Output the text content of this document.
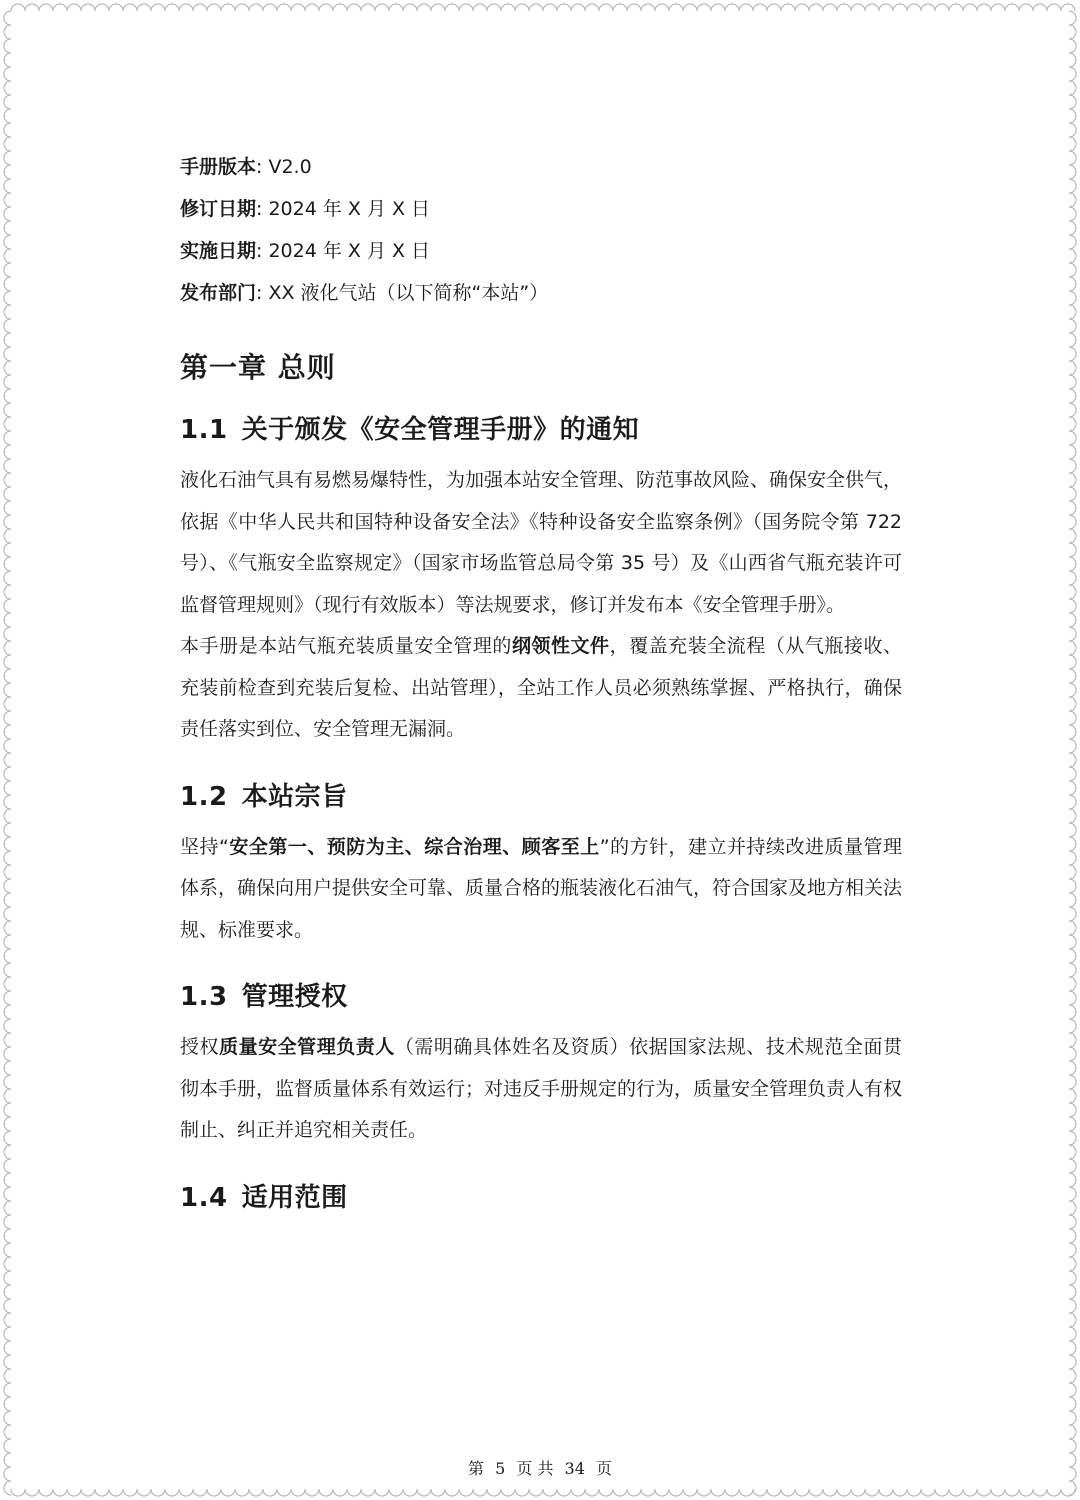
手册版本: V2.0
修订日期: 2024 年 X 月 X 日
实施日期: 2024 年 X 月 X 日
发布部门: XX 液化气站（以下简称“本站”）
第一章 总则
1.1 关于颁发《安全管理手册》的通知

液化石油气具有易燃易爆特性，为加强本站安全管理、防范事故风险、确保安全供气，依据《中华人民共和国特种设备安全法》《特种设备安全监察条例》（国务院令第 722 号）、《气瓶安全监察规定》（国家市场监管总局令第 35 号）及《山西省气瓶充装许可监督管理规则》（现行有效版本）等法规要求，修订并发布本《安全管理手册》。

本手册是本站气瓶充装质量安全管理的纲领性文件，覆盖充装全流程（从气瓶接收、充装前检查到充装后复检、出站管理），全站工作人员必须熟练掌握、严格执行，确保责任落实到位、安全管理无漏洞。

1.2 本站宗旨

坚持“安全第一、预防为主、综合治理、顾客至上”的方针，建立并持续改进质量管理体系，确保向用户提供安全可靠、质量合格的瓶装液化石油气，符合国家及地方相关法规、标准要求。

1.3 管理授权

授权质量安全管理负责人（需明确具体姓名及资质）依据国家法规、技术规范全面贯彻本手册，监督质量体系有效运行；对违反手册规定的行为，质量安全管理负责人有权制止、纠正并追究相关责任。

1.4 适用范围
第 5 页 共 34 页
